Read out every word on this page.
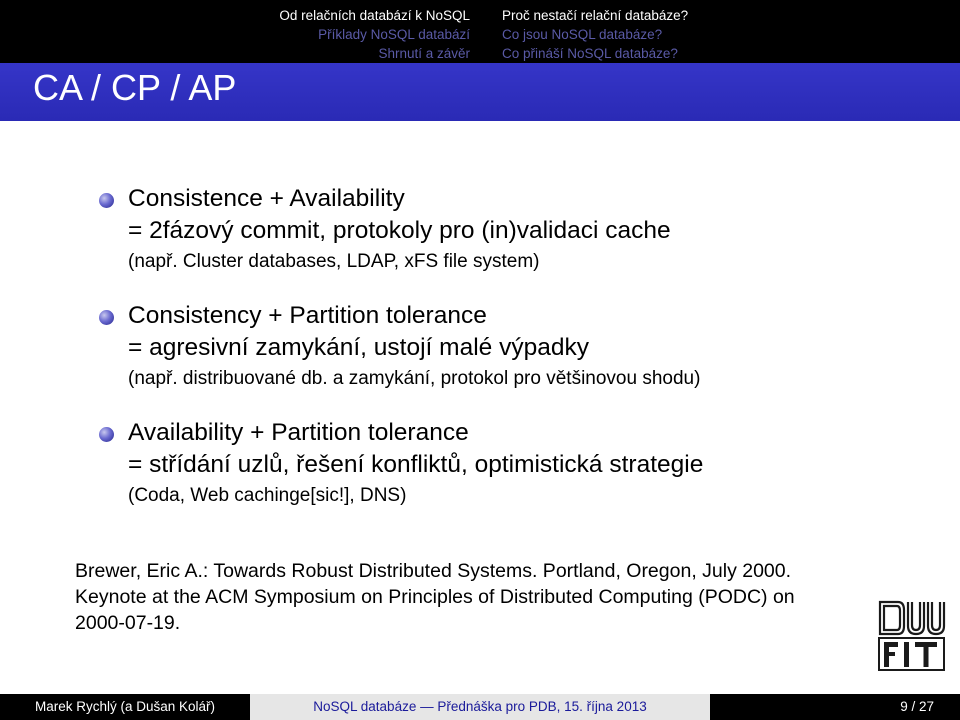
Od relačních databází k NoSQL
Příklady NoSQL databází
Shrnutí a závěr
Proč nestačí relační databáze?
Co jsou NoSQL databáze?
Co přináší NoSQL databáze?
CA / CP / AP
Consistence + Availability
= 2fázový commit, protokoly pro (in)validaci cache
(např. Cluster databases, LDAP, xFS file system)
Consistency + Partition tolerance
= agresivní zamykání, ustojí malé výpadky
(např. distribuované db. a zamykání, protokol pro většinovou shodu)
Availability + Partition tolerance
= střídání uzlů, řešení konfliktů, optimistická strategie
(Coda, Web cachinge[sic!], DNS)
Brewer, Eric A.: Towards Robust Distributed Systems. Portland, Oregon, July 2000.
Keynote at the ACM Symposium on Principles of Distributed Computing (PODC) on
2000-07-19.
Marek Rychlý (a Dušan Kolář)	NoSQL databáze — Přednáška pro PDB, 15. října 2013	9 / 27
